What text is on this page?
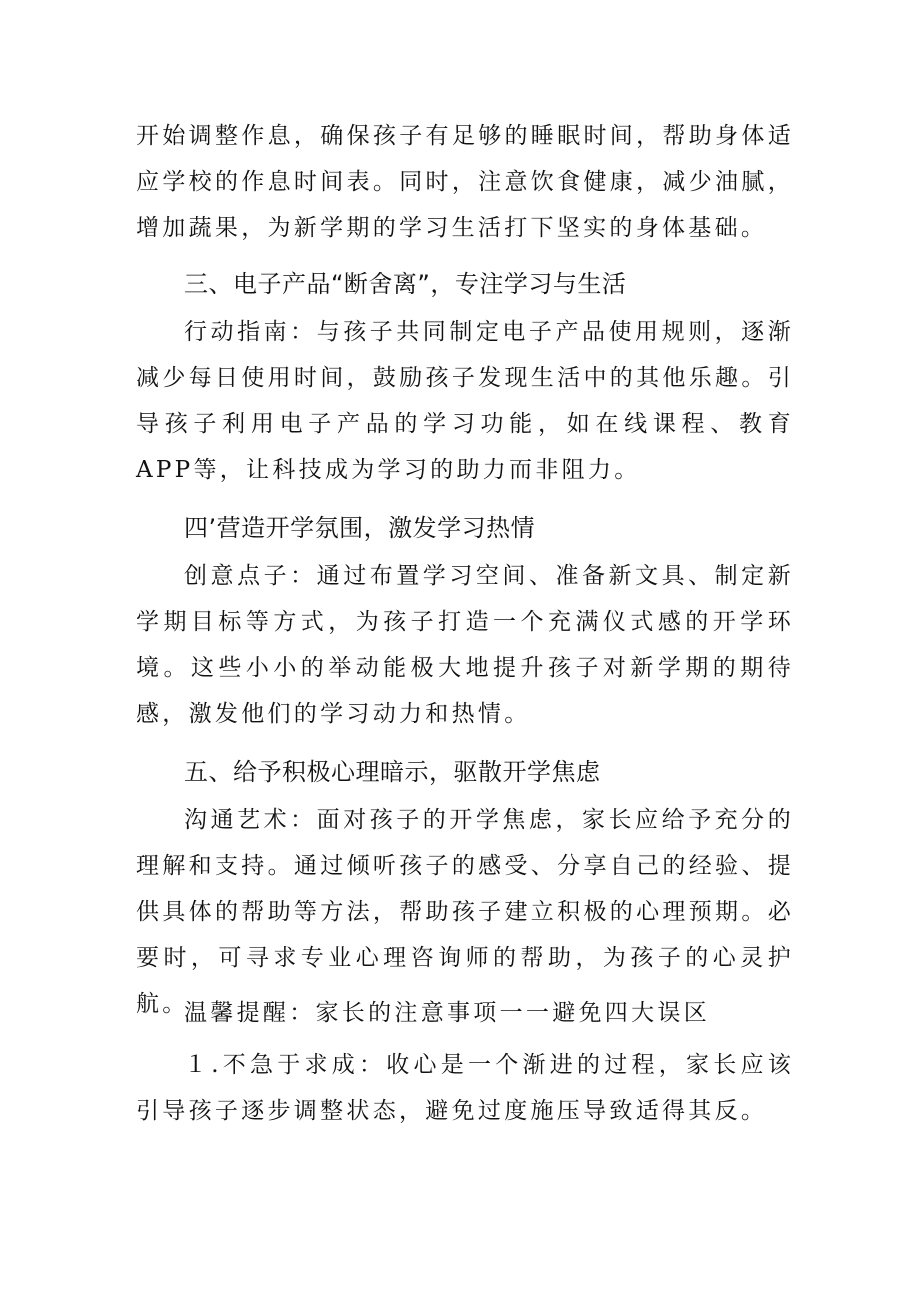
开始调整作息，确保孩子有足够的睡眠时间，帮助身体适应学校的作息时间表。同时，注意饮食健康，减少油腻，增加蔬果，为新学期的学习生活打下坚实的身体基础。

三、电子产品“断舍离”，专注学习与生活

行动指南：与孩子共同制定电子产品使用规则，逐渐减少每日使用时间，鼓励孩子发现生活中的其他乐趣。引导孩子利用电子产品的学习功能，如在线课程、教育APP等，让科技成为学习的助力而非阻力。

四’营造开学氛围，激发学习热情

创意点子：通过布置学习空间、准备新文具、制定新学期目标等方式，为孩子打造一个充满仪式感的开学环境。这些小小的举动能极大地提升孩子对新学期的期待感，激发他们的学习动力和热情。

五、给予积极心理暗示，驱散开学焦虑

沟通艺术：面对孩子的开学焦虑，家长应给予充分的理解和支持。通过倾听孩子的感受、分享自己的经验、提供具体的帮助等方法，帮助孩子建立积极的心理预期。必要时，可寻求专业心理咨询师的帮助，为孩子的心灵护航。

温馨提醒：家长的注意事项一一避免四大误区

１.不急于求成：收心是一个渐进的过程，家长应该引导孩子逐步调整状态，避免过度施压导致适得其反。
